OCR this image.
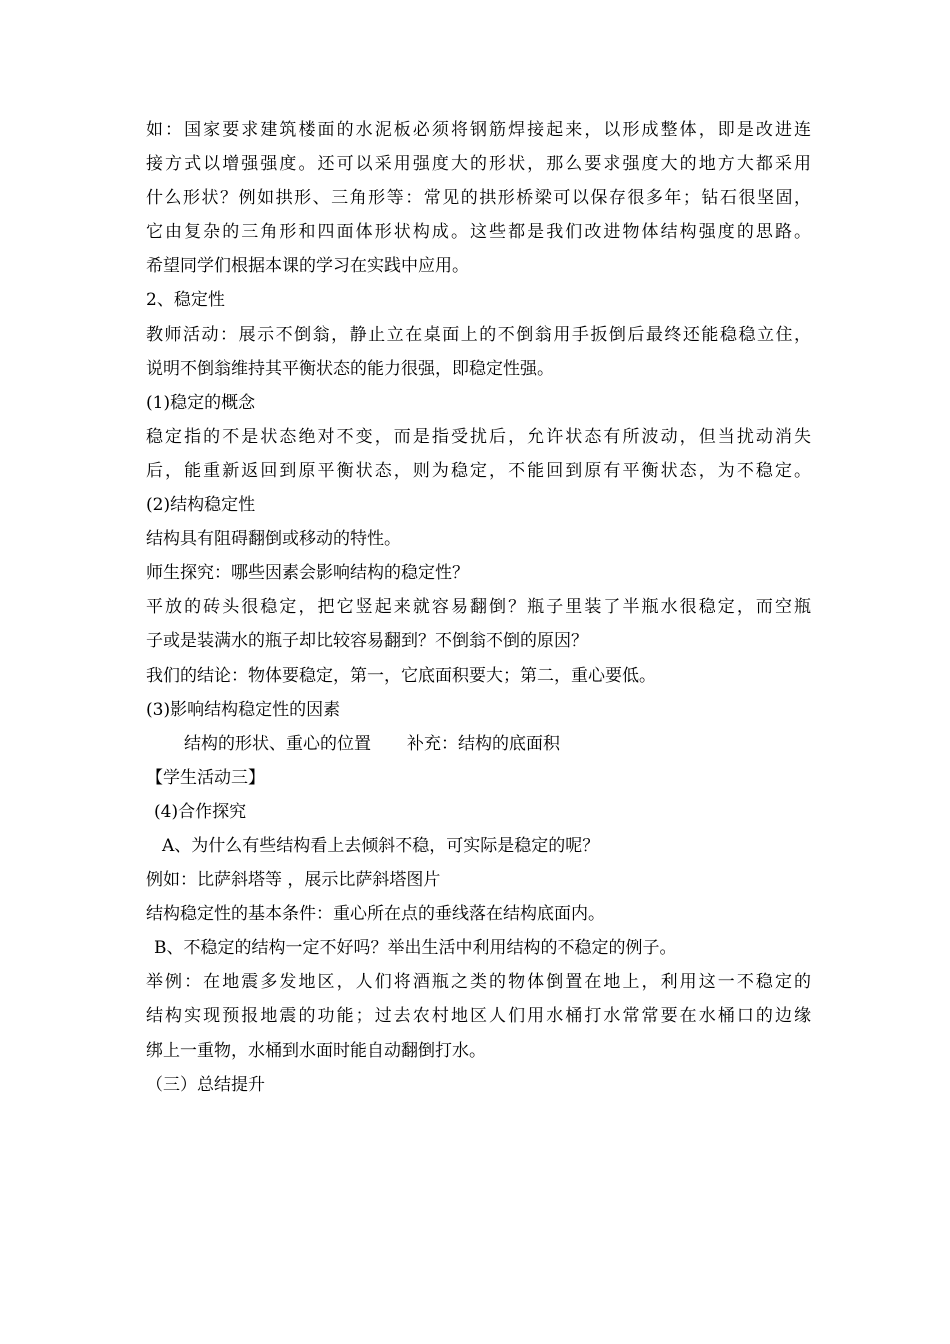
如：国家要求建筑楼面的水泥板必须将钢筋焊接起来，以形成整体，即是改进连
接方式以增强强度。还可以采用强度大的形状，那么要求强度大的地方大都采用
什么形状？例如拱形、三角形等：常见的拱形桥梁可以保存很多年；钻石很坚固，
它由复杂的三角形和四面体形状构成。这些都是我们改进物体结构强度的思路。
希望同学们根据本课的学习在实践中应用。
2、稳定性
教师活动：展示不倒翁，静止立在桌面上的不倒翁用手扳倒后最终还能稳稳立住，
说明不倒翁维持其平衡状态的能力很强，即稳定性强。
(1)稳定的概念
稳定指的不是状态绝对不变，而是指受扰后，允许状态有所波动，但当扰动消失
后，能重新返回到原平衡状态，则为稳定，不能回到原有平衡状态，为不稳定。
(2)结构稳定性
结构具有阻碍翻倒或移动的特性。
师生探究：哪些因素会影响结构的稳定性？
平放的砖头很稳定，把它竖起来就容易翻倒？瓶子里装了半瓶水很稳定，而空瓶
子或是装满水的瓶子却比较容易翻到？不倒翁不倒的原因？
我们的结论：物体要稳定，第一，它底面积要大；第二，重心要低。
(3)影响结构稳定性的因素
结构的形状、重心的位置 补充：结构的底面积
【学生活动三】
(4)合作探究
A、为什么有些结构看上去倾斜不稳，可实际是稳定的呢？
例如：比萨斜塔等 ，展示比萨斜塔图片
结构稳定性的基本条件：重心所在点的垂线落在结构底面内。
B、不稳定的结构一定不好吗？举出生活中利用结构的不稳定的例子。
举例：在地震多发地区，人们将酒瓶之类的物体倒置在地上，利用这一不稳定的
结构实现预报地震的功能；过去农村地区人们用水桶打水常常要在水桶口的边缘
绑上一重物，水桶到水面时能自动翻倒打水。
（三）总结提升
